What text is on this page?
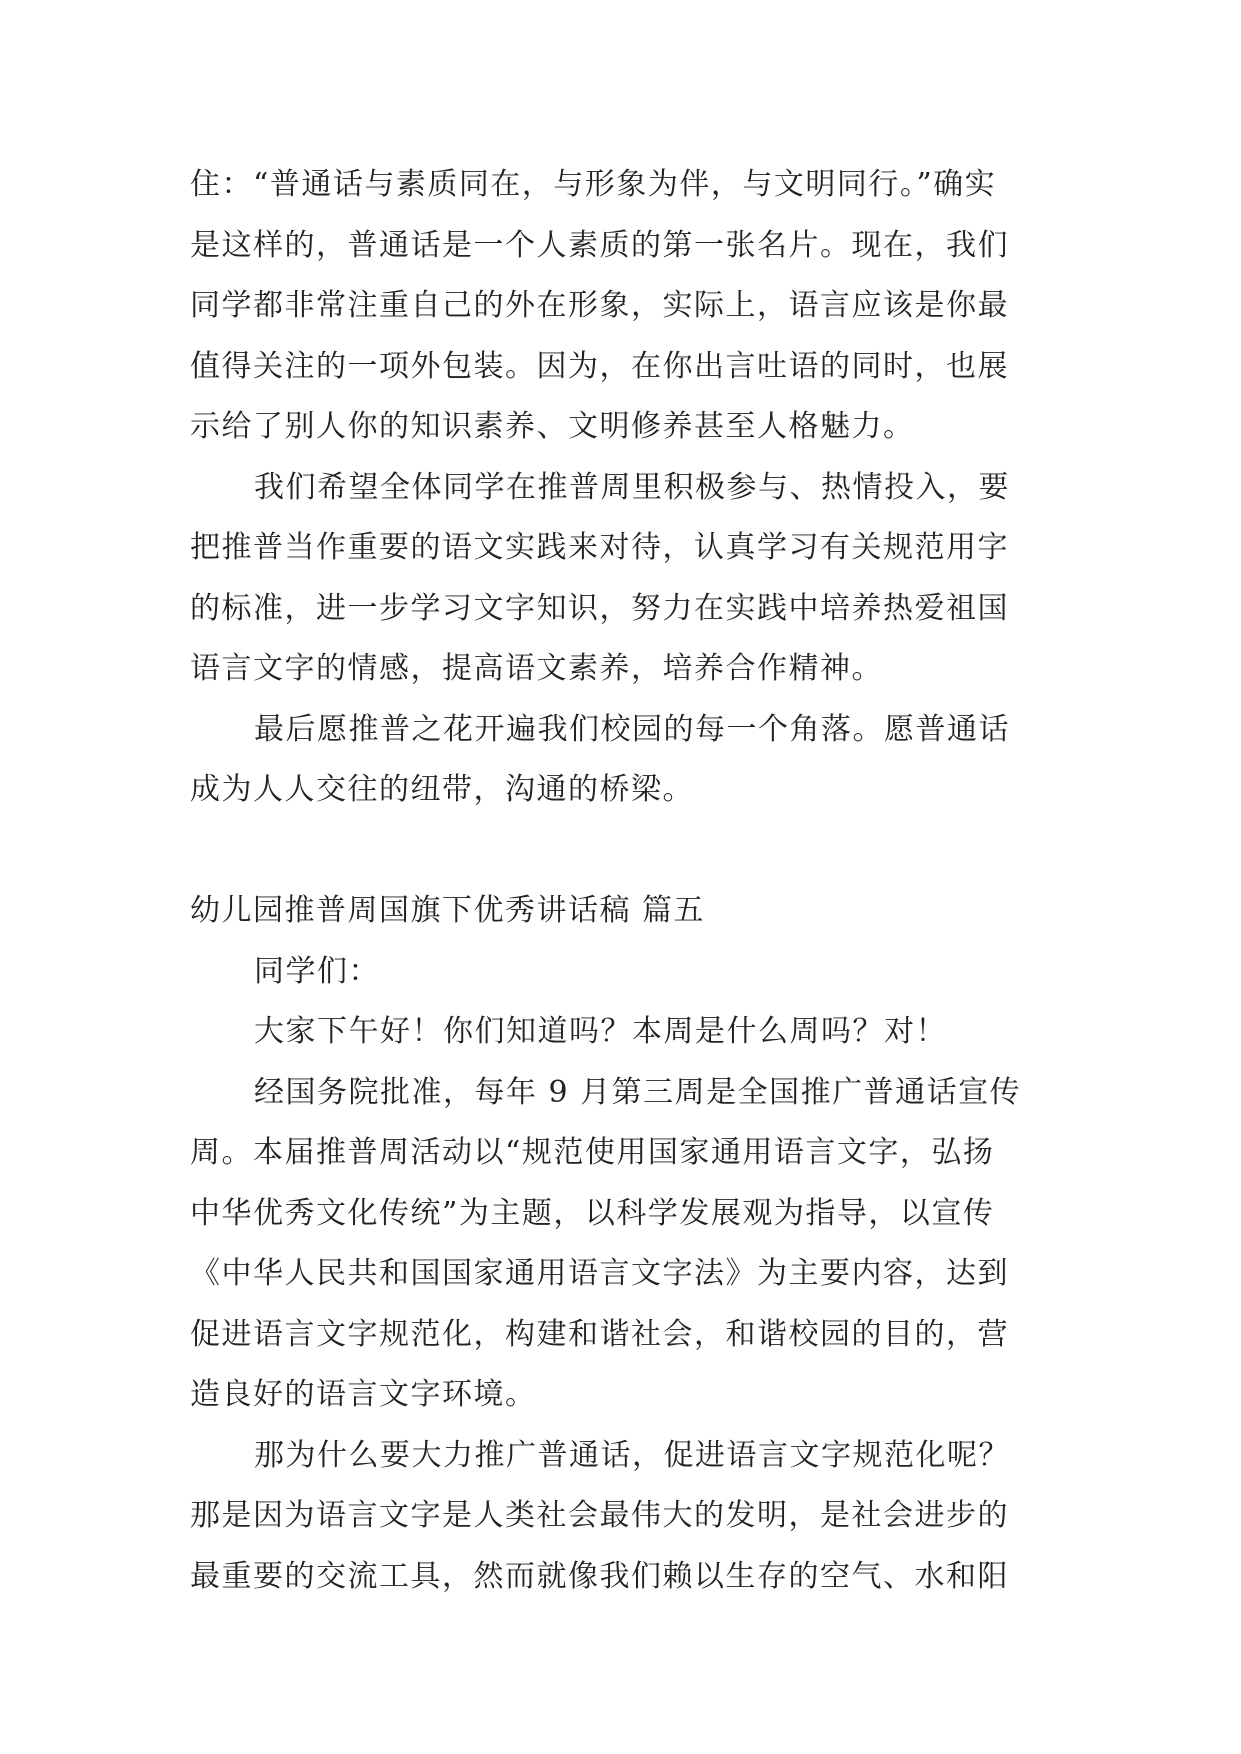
住：“普通话与素质同在，与形象为伴，与文明同行。”确实
是这样的，普通话是一个人素质的第一张名片。现在，我们
同学都非常注重自己的外在形象，实际上，语言应该是你最
值得关注的一项外包装。因为，在你出言吐语的同时，也展
示给了别人你的知识素养、文明修养甚至人格魅力。
我们希望全体同学在推普周里积极参与、热情投入，要
把推普当作重要的语文实践来对待，认真学习有关规范用字
的标准，进一步学习文字知识，努力在实践中培养热爱祖国
语言文字的情感，提高语文素养，培养合作精神。
最后愿推普之花开遍我们校园的每一个角落。愿普通话
成为人人交往的纽带，沟通的桥梁。
幼儿园推普周国旗下优秀讲话稿 篇五
同学们：
大家下午好！你们知道吗？本周是什么周吗？对！
经国务院批准，每年 9 月第三周是全国推广普通话宣传
周。本届推普周活动以“规范使用国家通用语言文字，弘扬
中华优秀文化传统”为主题，以科学发展观为指导，以宣传
《中华人民共和国国家通用语言文字法》为主要内容，达到
促进语言文字规范化，构建和谐社会，和谐校园的目的，营
造良好的语言文字环境。
那为什么要大力推广普通话，促进语言文字规范化呢？
那是因为语言文字是人类社会最伟大的发明，是社会进步的
最重要的交流工具，然而就像我们赖以生存的空气、水和阳
